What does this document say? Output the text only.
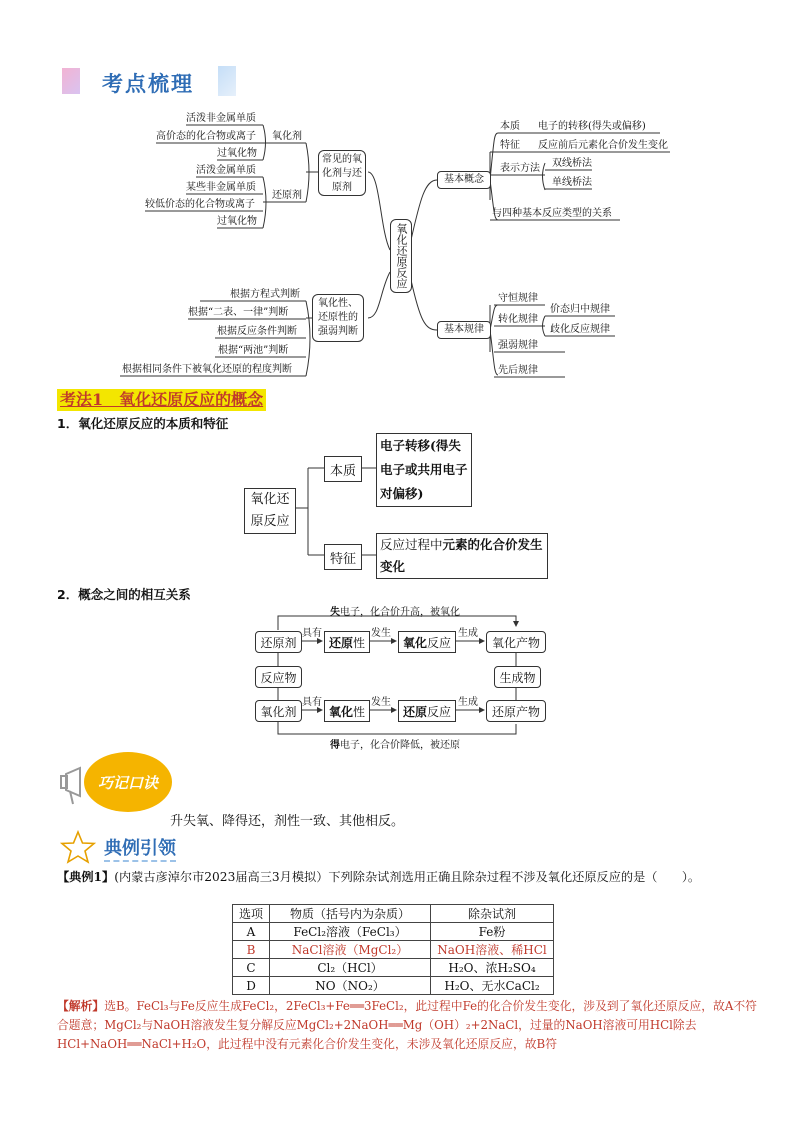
考点梳理
活泼非金属单质
高价态的化合物或离子
过氧化物
氧化剂
活泼金属单质
某些非金属单质
较低价态的化合物或离子
过氧化物
还原剂
常见的氧化剂与还原剂
氧化还原反应
根据方程式判断
根据“二表、一律”判断
根据反应条件判断
根据“两池”判断
根据相同条件下被氧化还原的程度判断
氧化性、还原性的强弱判断
基本概念
本质 电子的转移(得失或偏移)
特征 反应前后元素化合价发生变化
表示方法 双线桥法
单线桥法
与四种基本反应类型的关系
基本规律
守恒规律
转化规律
价态归中规律
歧化反应规律
强弱规律
先后规律
考法1　氧化还原反应的概念
1．氧化还原反应的本质和特征
氧化还原反应
本质
电子转移(得失电子或共用电子对偏移)
特征
反应过程中元素的化合价发生变化
2．概念之间的相互关系
失电子，化合价升高，被氧化
还原剂
具有
还原 性
发生
氧化 反应
生成
氧化产物
反应物	生成物
氧化剂
具有
氧化 性
发生
还原 反应
生成
还原产物
得电子，化合价降低，被还原
巧记口诀
升失氧、降得还，剂性一致、其他相反。
典例引领
【典例1】(内蒙古彦淖尔市2023届高三3月模拟）下列除杂试剂选用正确且除杂过程不涉及氧化还原反应的是（　　）。
选项	物质（括号内为杂质）	除杂试剂
A	FeCl₂溶液（FeCl₃）	Fe粉
B	NaCl溶液（MgCl₂）	NaOH溶液、稀HCl
C	Cl₂（HCl）	H₂O、浓H₂SO₄
D	NO（NO₂）	H₂O、无水CaCl₂
【解析】选B。FeCl₃与Fe反应生成FeCl₂，2FeCl₃+Fe══3FeCl₂，此过程中Fe的化合价发生变化，涉及到了氧化还原反应，故A不符合题意；MgCl₂与NaOH溶液发生复分解反应MgCl₂+2NaOH══Mg（OH）₂+2NaCl，过量的NaOH溶液可用HCl除去HCl+NaOH══NaCl+H₂O，此过程中没有元素化合价发生变化，未涉及氧化还原反应，故B符
